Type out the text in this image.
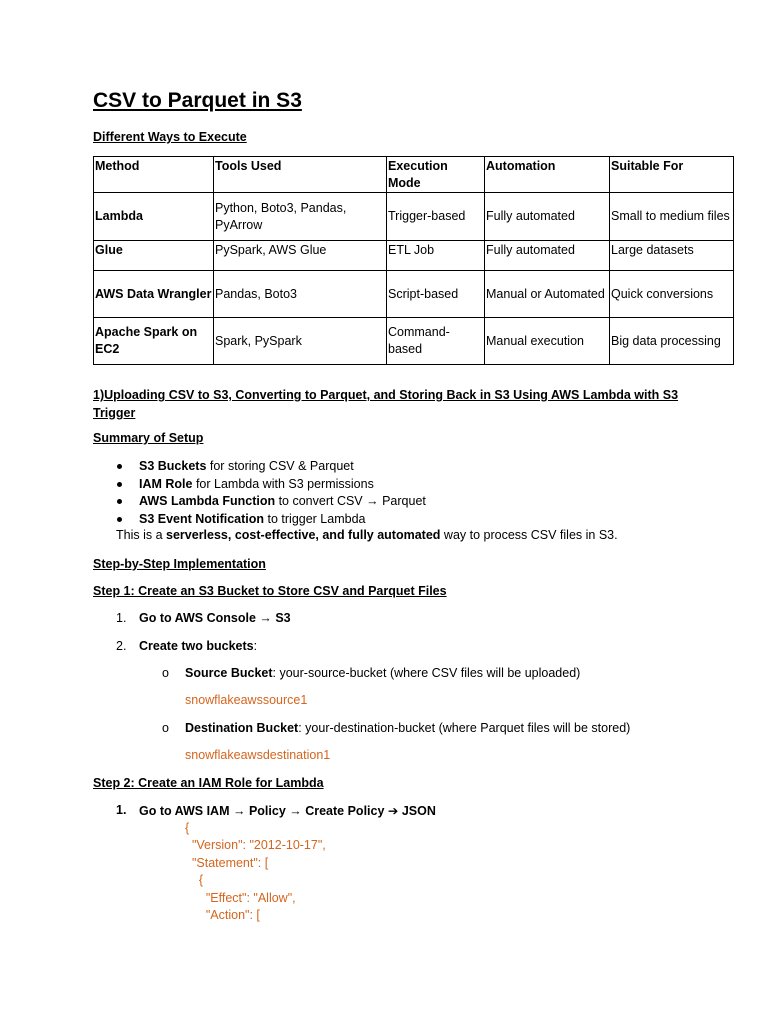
CSV to Parquet in S3

Different Ways to Execute

Method	Tools Used	Execution Mode	Automation	Suitable For
Lambda	Python, Boto3, Pandas, PyArrow	Trigger-based	Fully automated	Small to medium files
Glue	PySpark, AWS Glue	ETL Job	Fully automated	Large datasets
AWS Data Wrangler	Pandas, Boto3	Script-based	Manual or Automated	Quick conversions
Apache Spark on EC2	Spark, PySpark	Command-based	Manual execution	Big data processing

1)Uploading CSV to S3, Converting to Parquet, and Storing Back in S3 Using AWS Lambda with S3 Trigger

Summary of Setup

S3 Buckets for storing CSV & Parquet
IAM Role for Lambda with S3 permissions
AWS Lambda Function to convert CSV → Parquet
S3 Event Notification to trigger Lambda
This is a serverless, cost-effective, and fully automated way to process CSV files in S3.

Step-by-Step Implementation

Step 1: Create an S3 Bucket to Store CSV and Parquet Files

1. Go to AWS Console → S3
2. Create two buckets:
o Source Bucket: your-source-bucket (where CSV files will be uploaded)
snowflakeawssource1
o Destination Bucket: your-destination-bucket (where Parquet files will be stored)
snowflakeawsdestination1

Step 2: Create an IAM Role for Lambda

1. Go to AWS IAM → Policy → Create Policy ➔ JSON
{
"Version": "2012-10-17",
"Statement": [
{
"Effect": "Allow",
"Action": [
